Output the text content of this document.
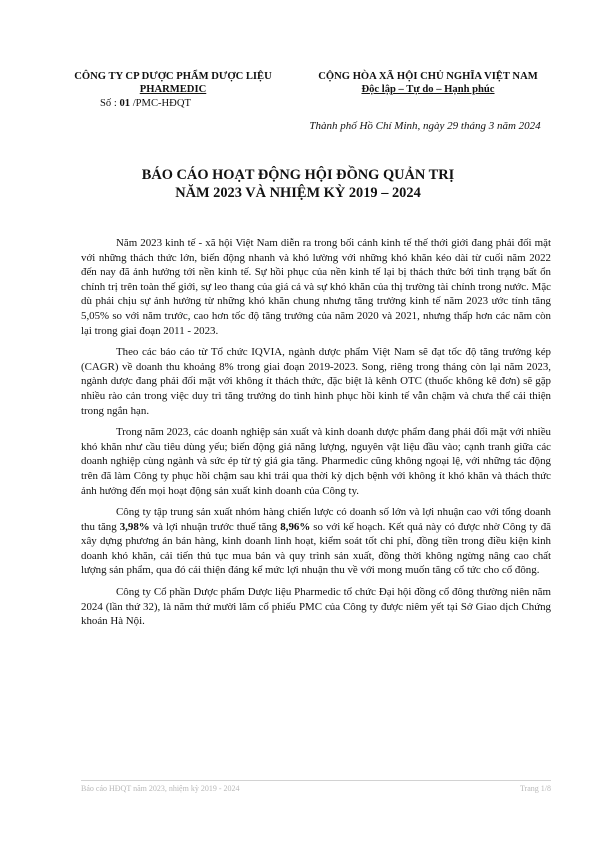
CÔNG TY CP DƯỢC PHẨM DƯỢC LIỆU
PHARMEDIC
Số : 01 /PMC-HĐQT
CỘNG HÒA XÃ HỘI CHỦ NGHĨA VIỆT NAM
Độc lập – Tự do – Hạnh phúc
Thành phố Hồ Chí Minh, ngày 29 tháng 3 năm 2024
BÁO CÁO HOẠT ĐỘNG HỘI ĐỒNG QUẢN TRỊ
NĂM 2023 VÀ NHIỆM KỲ 2019 – 2024

Năm 2023 kinh tế - xã hội Việt Nam diễn ra trong bối cảnh kinh tế thế thới giới đang phải đối mặt với những thách thức lớn, biến động nhanh và khó lường với những khó khăn kéo dài từ cuối năm 2022 đến nay đã ảnh hưởng tới nền kinh tế. Sự hồi phục của nền kinh tế lại bị thách thức bởi tình trạng bất ổn chính trị trên toàn thế giới, sự leo thang của giá cả và sự khó khăn của thị trường tài chính trong nước. Mặc dù phải chịu sự ảnh hưởng từ những khó khăn chung nhưng tăng trưởng kinh tế năm 2023 ước tính tăng 5,05% so với năm trước, cao hơn tốc độ tăng trưởng của năm 2020 và 2021, nhưng thấp hơn các năm còn lại trong giai đoạn 2011 - 2023.

Theo các báo cáo từ Tổ chức IQVIA, ngành dược phẩm Việt Nam sẽ đạt tốc độ tăng trưởng kép (CAGR) về doanh thu khoảng 8% trong giai đoạn 2019-2023. Song, riêng trong tháng còn lại năm 2023, ngành dược đang phải đối mặt với không ít thách thức, đặc biệt là kênh OTC (thuốc không kê đơn) sẽ gặp nhiều rào cản trong việc duy trì tăng trưởng do tình hình phục hồi kinh tế vẫn chậm và chưa thể cải thiện trong ngắn hạn.

Trong năm 2023, các doanh nghiệp sản xuất và kinh doanh dược phẩm đang phải đối mặt với nhiều khó khăn như cầu tiêu dùng yếu; biến động giá năng lượng, nguyên vật liệu đầu vào; cạnh tranh giữa các doanh nghiệp cùng ngành và sức ép từ tỷ giá gia tăng. Pharmedic cũng không ngoại lệ, với những tác động trên đã làm Công ty phục hồi chậm sau khi trải qua thời kỳ dịch bệnh với không ít khó khăn và thách thức ảnh hưởng đến mọi hoạt động sản xuất kinh doanh của Công ty.

Công ty tập trung sản xuất nhóm hàng chiến lược có doanh số lớn và lợi nhuận cao với tổng doanh thu tăng 3,98% và lợi nhuận trước thuế tăng 8,96% so với kế hoạch. Kết quả này có được nhờ Công ty đã xây dựng phương án bán hàng, kinh doanh linh hoạt, kiểm soát tốt chi phí, đồng tiền trong điều kiện kinh doanh khó khăn, cải tiến thủ tục mua bán và quy trình sản xuất, đồng thời không ngừng nâng cao chất lượng sản phẩm, qua đó cải thiện đáng kể mức lợi nhuận thu về với mong muốn tăng cổ tức cho cổ đông.

Công ty Cổ phần Dược phẩm Dược liệu Pharmedic tổ chức Đại hội đồng cổ đông thường niên năm 2024 (lần thứ 32), là năm thứ mười lăm cổ phiếu PMC của Công ty được niêm yết tại Sở Giao dịch Chứng khoán Hà Nội.

Báo cáo HĐQT năm 2023, nhiệm kỳ 2019 - 2024	Trang 1/8
